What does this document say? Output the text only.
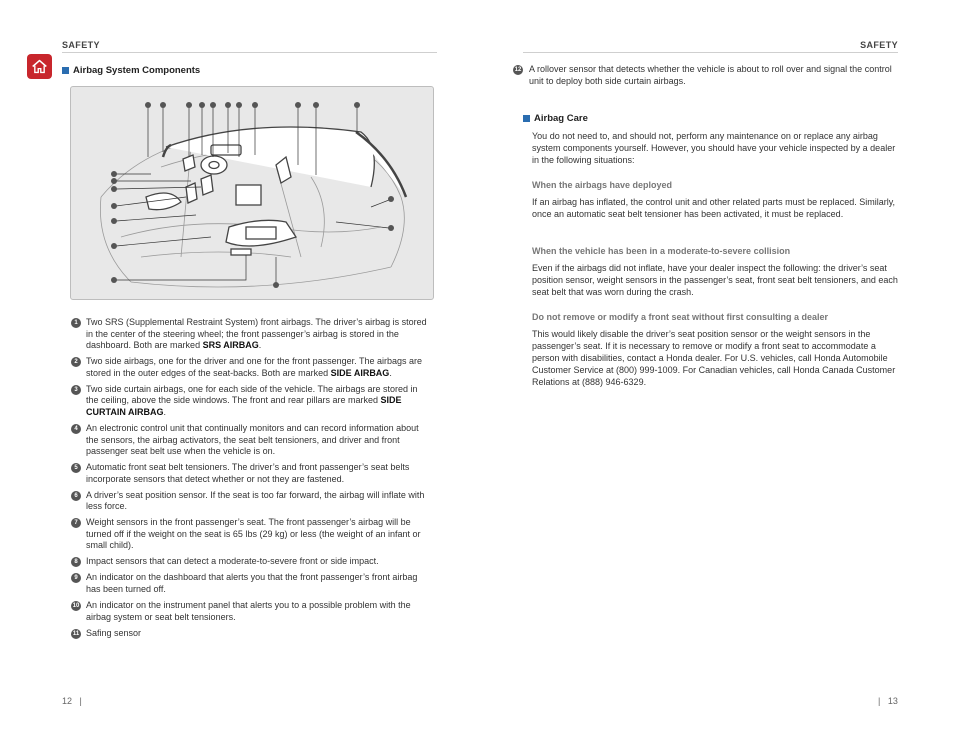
SAFETY	SAFETY
Airbag System Components
1 Two SRS (Supplemental Restraint System) front airbags. The driver’s airbag is stored in the center of the steering wheel; the front passenger’s airbag is stored in the dashboard. Both are marked SRS AIRBAG.
2 Two side airbags, one for the driver and one for the front passenger. The airbags are stored in the outer edges of the seat-backs. Both are marked SIDE AIRBAG.
3 Two side curtain airbags, one for each side of the vehicle. The airbags are stored in the ceiling, above the side windows. The front and rear pillars are marked SIDE CURTAIN AIRBAG.
4 An electronic control unit that continually monitors and can record information about the sensors, the airbag activators, the seat belt tensioners, and driver and front passenger seat belt use when the vehicle is on.
5 Automatic front seat belt tensioners. The driver’s and front passenger’s seat belts incorporate sensors that detect whether or not they are fastened.
6 A driver’s seat position sensor. If the seat is too far forward, the airbag will inflate with less force.
7 Weight sensors in the front passenger’s seat. The front passenger’s airbag will be turned off if the weight on the seat is 65 lbs (29 kg) or less (the weight of an infant or small child).
8 Impact sensors that can detect a moderate-to-severe front or side impact.
9 An indicator on the dashboard that alerts you that the front passenger’s front airbag has been turned off.
10 An indicator on the instrument panel that alerts you to a possible problem with the airbag system or seat belt tensioners.
11 Safing sensor
12 A rollover sensor that detects whether the vehicle is about to roll over and signal the control unit to deploy both side curtain airbags.
Airbag Care
You do not need to, and should not, perform any maintenance on or replace any airbag system components yourself. However, you should have your vehicle inspected by a dealer in the following situations:
When the airbags have deployed
If an airbag has inflated, the control unit and other related parts must be replaced. Similarly, once an automatic seat belt tensioner has been activated, it must be replaced.
When the vehicle has been in a moderate-to-severe collision
Even if the airbags did not inflate, have your dealer inspect the following: the driver’s seat position sensor, weight sensors in the passenger’s seat, front seat belt tensioners, and each seat belt that was worn during the crash.
Do not remove or modify a front seat without first consulting a dealer
This would likely disable the driver’s seat position sensor or the weight sensors in the passenger’s seat. If it is necessary to remove or modify a front seat to accommodate a person with disabilities, contact a Honda dealer. For U.S. vehicles, call Honda Automobile Customer Service at (800) 999-1009. For Canadian vehicles, call Honda Canada Customer Relations at (888) 946-6329.
12   |	|   13
